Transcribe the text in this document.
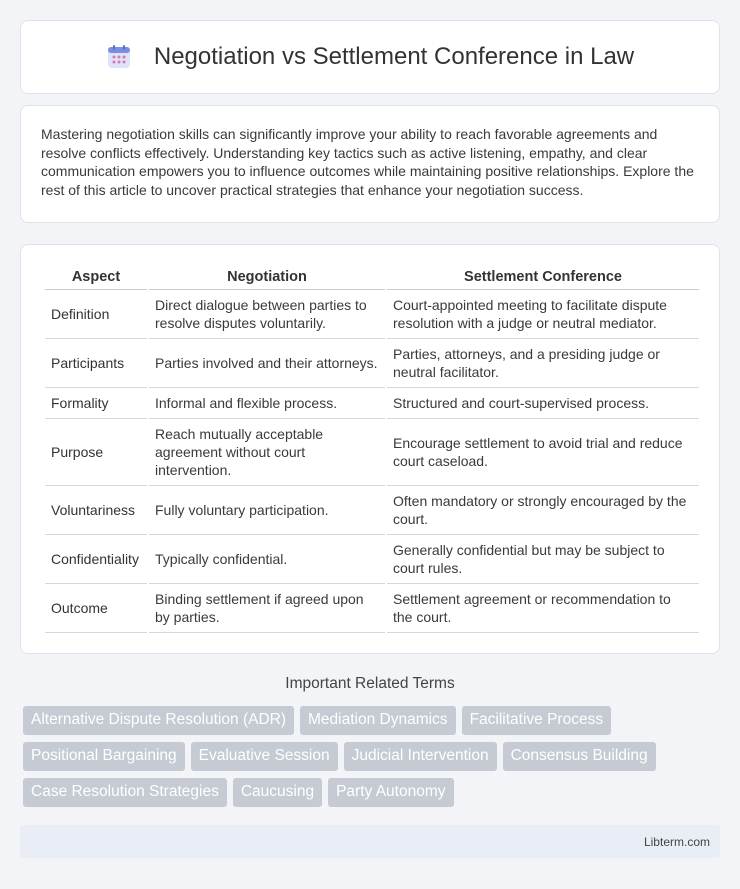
Negotiation vs Settlement Conference in Law

Mastering negotiation skills can significantly improve your ability to reach favorable agreements and resolve conflicts effectively. Understanding key tactics such as active listening, empathy, and clear communication empowers you to influence outcomes while maintaining positive relationships. Explore the rest of this article to uncover practical strategies that enhance your negotiation success.

Aspect	Negotiation	Settlement Conference
Definition	Direct dialogue between parties to resolve disputes voluntarily.	Court-appointed meeting to facilitate dispute resolution with a judge or neutral mediator.
Participants	Parties involved and their attorneys.	Parties, attorneys, and a presiding judge or neutral facilitator.
Formality	Informal and flexible process.	Structured and court-supervised process.
Purpose	Reach mutually acceptable agreement without court intervention.	Encourage settlement to avoid trial and reduce court caseload.
Voluntariness	Fully voluntary participation.	Often mandatory or strongly encouraged by the court.
Confidentiality	Typically confidential.	Generally confidential but may be subject to court rules.
Outcome	Binding settlement if agreed upon by parties.	Settlement agreement or recommendation to the court.
Important Related Terms
Alternative Dispute Resolution (ADR)	Mediation Dynamics	Facilitative Process
Positional Bargaining	Evaluative Session	Judicial Intervention	Consensus Building
Case Resolution Strategies	Caucusing	Party Autonomy
Libterm.com
